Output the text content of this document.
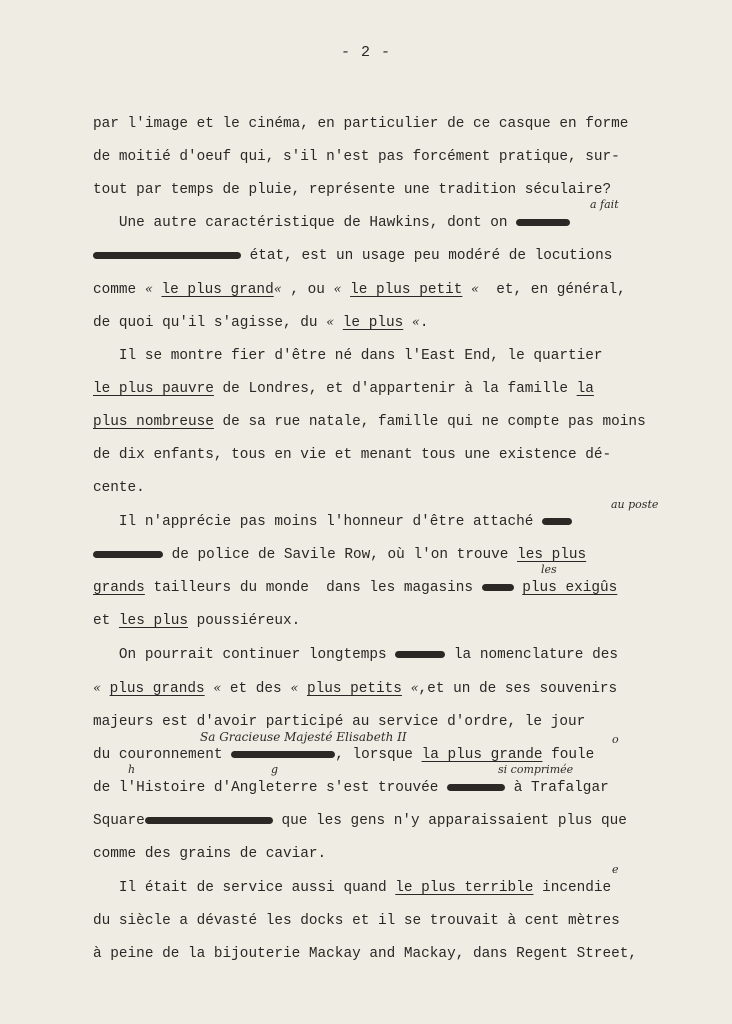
- 2 -
par l'image et le cinéma, en particulier de ce casque en forme
de moitié d'oeuf qui, s'il n'est pas forcément pratique, sur-
tout par temps de pluie, représente une tradition séculaire?
Une autre caractéristique de Hawkins, dont on
a fait
état, est un usage peu modéré de locutions
comme « le plus grand« , ou « le plus petit « et, en général,
de quoi qu'il s'agisse, du « le plus «.
Il se montre fier d'être né dans l'East End, le quartier
le plus pauvre de Londres, et d'appartenir à la famille la
plus nombreuse de sa rue natale, famille qui ne compte pas moins
de dix enfants, tous en vie et menant tous une existence dé-
cente.
Il n'apprécie pas moins l'honneur d'être attaché
au poste
de police de Savile Row, où l'on trouve les plus
grands tailleurs du monde  dans les magasins	plus exigûs
les
et les plus poussiéreux.
On pourrait continuer longtemps	la nomenclature des
« plus grands « et des « plus petits «,et un de ses souvenirs
majeurs est d'avoir participé au service d'ordre, le jour
Sa Gracieuse Majesté Elisabeth II
du couronnement	, lorsque la plus grande foule
o
h	g	si comprimée
de l'Histoire d'Angleterre s'est trouvée	à Trafalgar
Square	que les gens n'y apparaissaient plus que
comme des grains de caviar.
e
Il était de service aussi quand le plus terrible incendie
du siècle a dévasté les docks et il se trouvait à cent mètres
à peine de la bijouterie Mackay and Mackay, dans Regent Street,
